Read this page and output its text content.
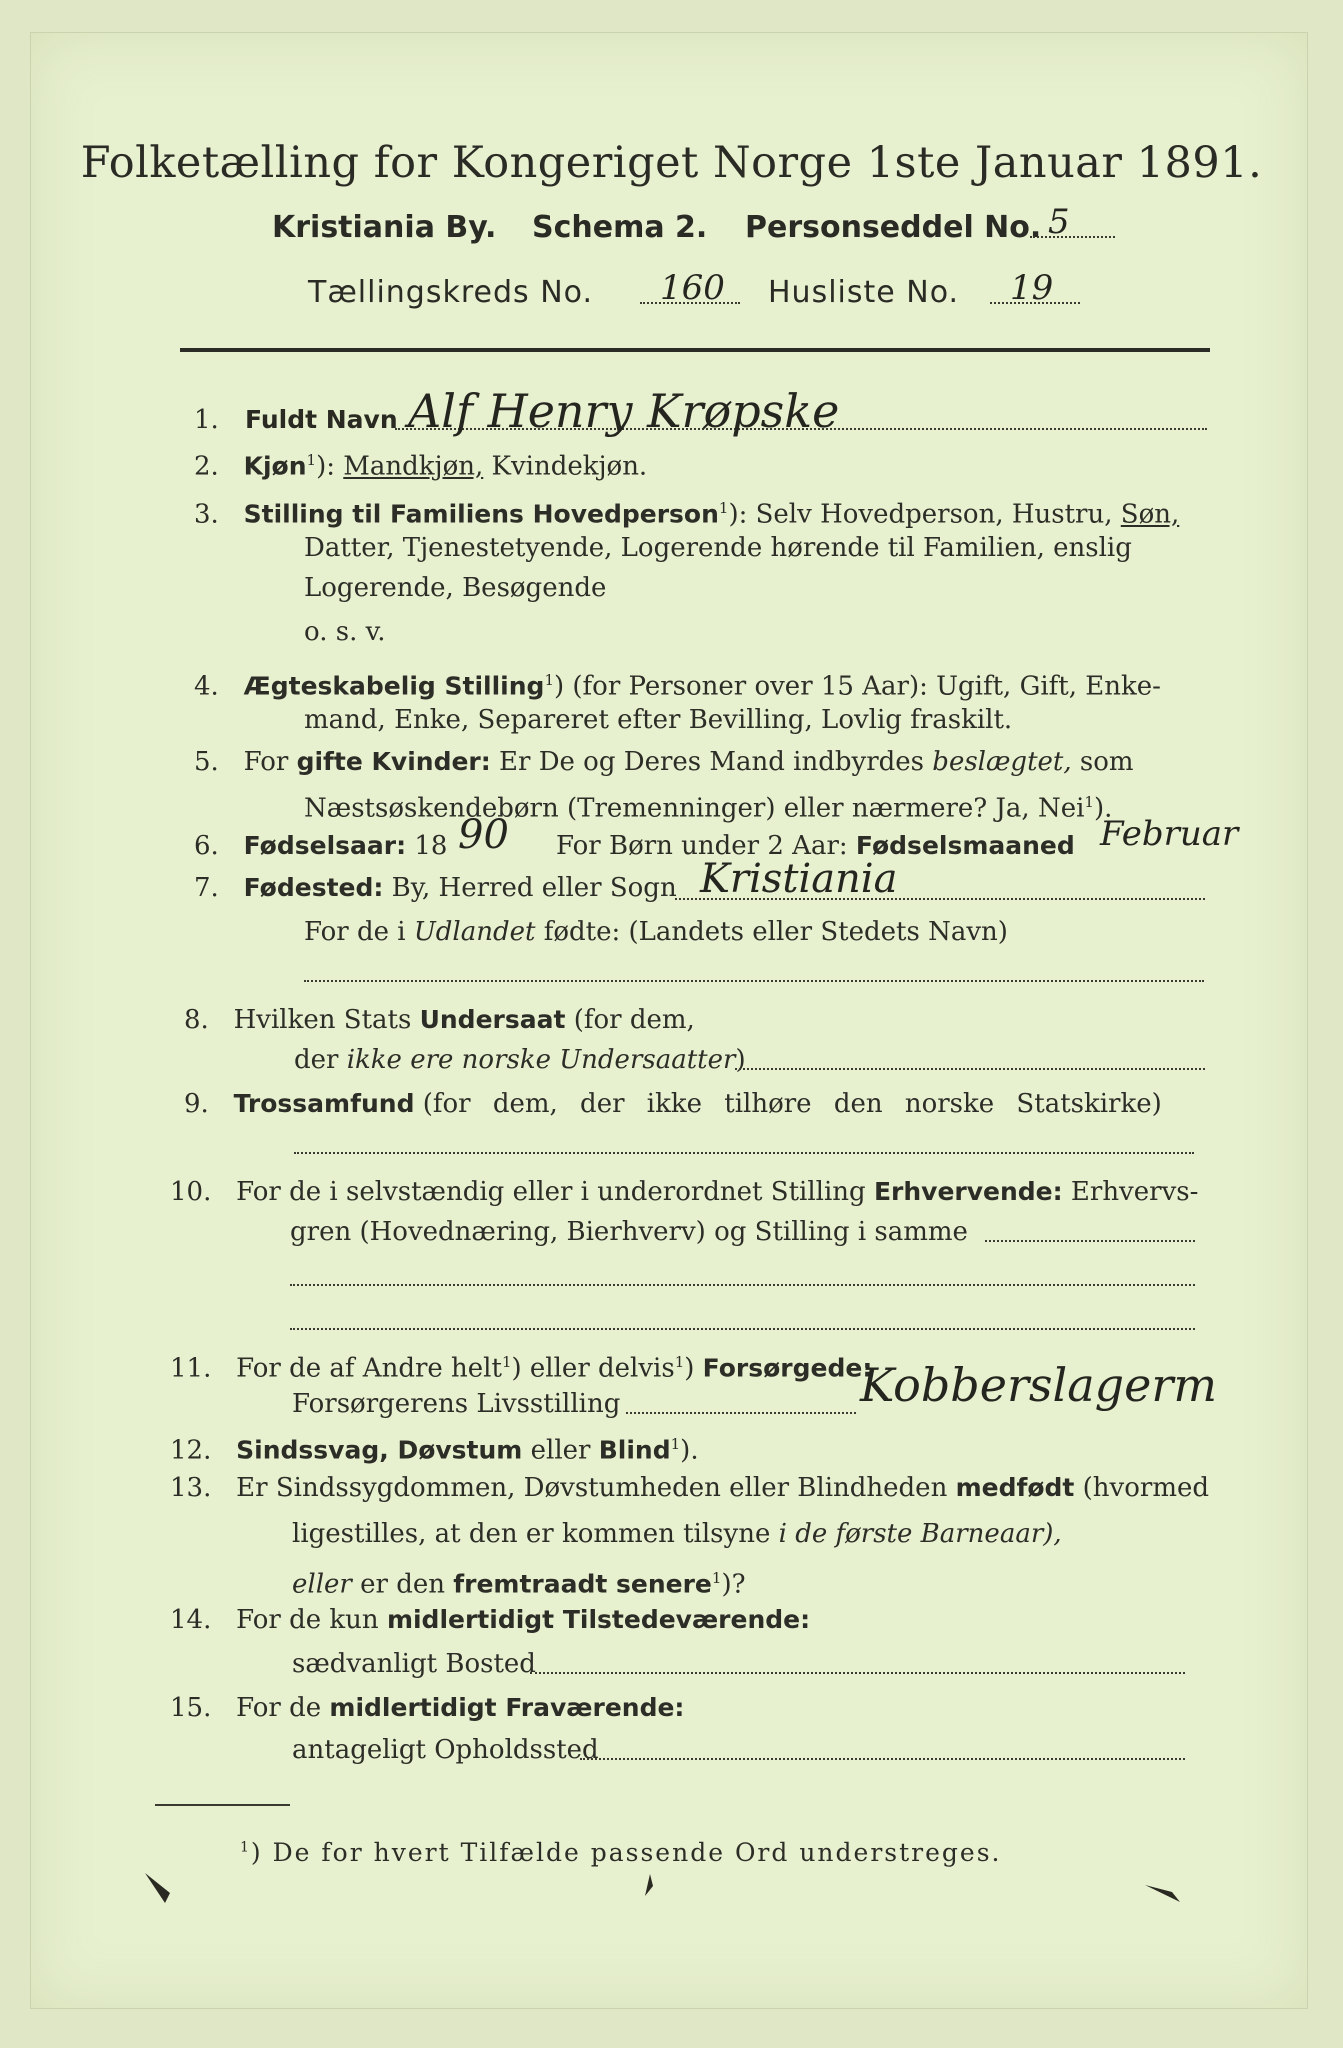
Folketælling for Kongeriget Norge 1ste Januar 1891.
Kristiania By. Schema 2. Personseddel No. 5
Tællingskreds No. 160 Husliste No. 19
1. Fuldt Navn Alf Henry Krøpske
2. Kjøn$^1$): Mandkjøn, Kvindekjøn.
3. Stilling til Familiens Hovedperson$^1$): Selv Hovedperson, Hustru, Søn,
Datter, Tjenestetyende, Logerende hørende til Familien, enslig
Logerende, Besøgende
o. s. v.
4. Ægteskabelig Stilling$^1$) (for Personer over 15 Aar): Ugift, Gift, Enke-
mand, Enke, Separeret efter Bevilling, Lovlig fraskilt.
5. For gifte Kvinder: Er De og Deres Mand indbyrdes beslægtet, som
Næstsøskendebørn (Tremenninger) eller nærmere? Ja, Nei$^1$).
6. Fødselsaar: 18 90 For Børn under 2 Aar: Fødselsmaaned Februar
7. Fødested: By, Herred eller Sogn Kristiania
For de i Udlandet fødte: (Landets eller Stedets Navn)
8. Hvilken Stats Undersaat (for dem,
der ikke ere norske Undersaatter)
9. Trossamfund (for dem, der ikke tilhøre den norske Statskirke)
10. For de i selvstændig eller i underordnet Stilling Erhvervende: Erhvervs-
gren (Hovednæring, Bierhverv) og Stilling i samme
11. For de af Andre helt$^1$) eller delvis$^1$) Forsørgede:
Forsørgerens Livsstilling	Kobberslagerm
12. Sindssvag, Døvstum eller Blind$^1$).
13. Er Sindssygdommen, Døvstumheden eller Blindheden medfødt (hvormed
ligestilles, at den er kommen tilsyne i de første Barneaar),
eller er den fremtraadt senere$^1$)?
14. For de kun midlertidigt Tilstedeværende:
sædvanligt Bosted
15. For de midlertidigt Fraværende:
antageligt Opholdssted
$^1$) De for hvert Tilfælde passende Ord understreges.
